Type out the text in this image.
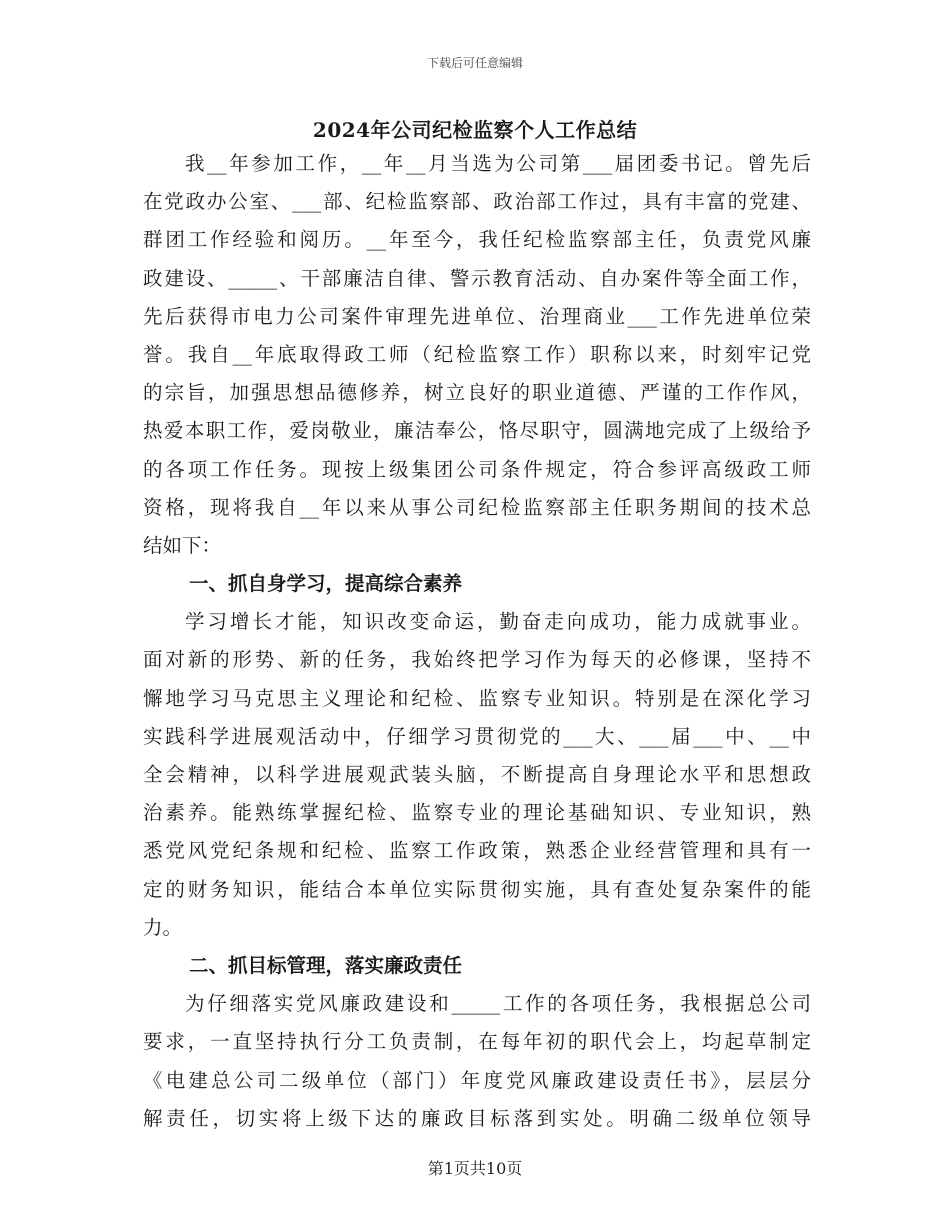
下载后可任意编辑
2024年公司纪检监察个人工作总结
我__年参加工作，__年__月当选为公司第___届团委书记。曾先后
在党政办公室、___部、纪检监察部、政治部工作过，具有丰富的党建、
群团工作经验和阅历。__年至今，我任纪检监察部主任，负责党风廉
政建设、_____、干部廉洁自律、警示教育活动、自办案件等全面工作，
先后获得市电力公司案件审理先进单位、治理商业___工作先进单位荣
誉。我自__年底取得政工师（纪检监察工作）职称以来，时刻牢记党
的宗旨，加强思想品德修养，树立良好的职业道德、严谨的工作作风，
热爱本职工作，爱岗敬业，廉洁奉公，恪尽职守，圆满地完成了上级给予
的各项工作任务。现按上级集团公司条件规定，符合参评高级政工师
资格，现将我自__年以来从事公司纪检监察部主任职务期间的技术总
结如下：
一、抓自身学习，提高综合素养
学习增长才能，知识改变命运，勤奋走向成功，能力成就事业。
面对新的形势、新的任务，我始终把学习作为每天的必修课，坚持不
懈地学习马克思主义理论和纪检、监察专业知识。特别是在深化学习
实践科学进展观活动中，仔细学习贯彻党的___大、___届___中、__中
全会精神，以科学进展观武装头脑，不断提高自身理论水平和思想政
治素养。能熟练掌握纪检、监察专业的理论基础知识、专业知识，熟
悉党风党纪条规和纪检、监察工作政策，熟悉企业经营管理和具有一
定的财务知识，能结合本单位实际贯彻实施，具有查处复杂案件的能
力。
二、抓目标管理，落实廉政责任
为仔细落实党风廉政建设和_____工作的各项任务，我根据总公司
要求，一直坚持执行分工负责制，在每年初的职代会上，均起草制定
《电建总公司二级单位（部门）年度党风廉政建设责任书》，层层分
解责任，切实将上级下达的廉政目标落到实处。明确二级单位领导
第1页共10页
